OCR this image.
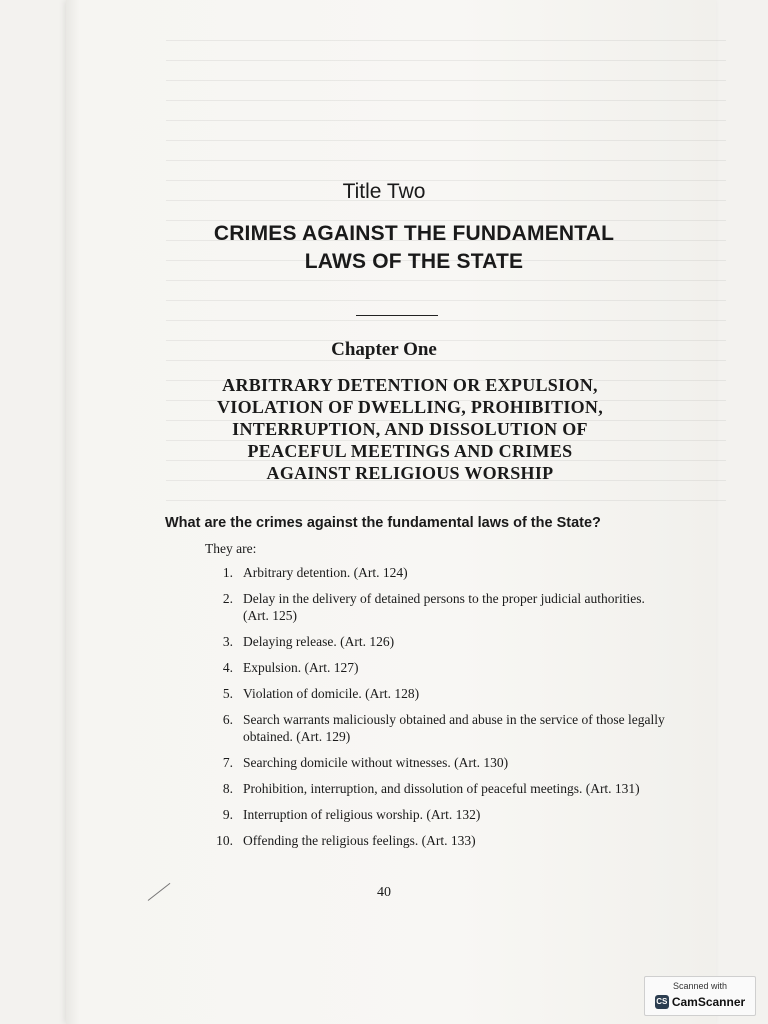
Title Two
CRIMES AGAINST THE FUNDAMENTAL
LAWS OF THE STATE
Chapter One
ARBITRARY DETENTION OR EXPULSION,
VIOLATION OF DWELLING, PROHIBITION,
INTERRUPTION, AND DISSOLUTION OF
PEACEFUL MEETINGS AND CRIMES
AGAINST RELIGIOUS WORSHIP
What are the crimes against the fundamental laws of the State?
They are:
1. Arbitrary detention. (Art. 124)
2. Delay in the delivery of detained persons to the proper judicial authorities. (Art. 125)
3. Delaying release. (Art. 126)
4. Expulsion. (Art. 127)
5. Violation of domicile. (Art. 128)
6. Search warrants maliciously obtained and abuse in the service of those legally obtained. (Art. 129)
7. Searching domicile without witnesses. (Art. 130)
8. Prohibition, interruption, and dissolution of peaceful meetings. (Art. 131)
9. Interruption of religious worship. (Art. 132)
10. Offending the religious feelings. (Art. 133)
40
Scanned with
CS CamScanner
